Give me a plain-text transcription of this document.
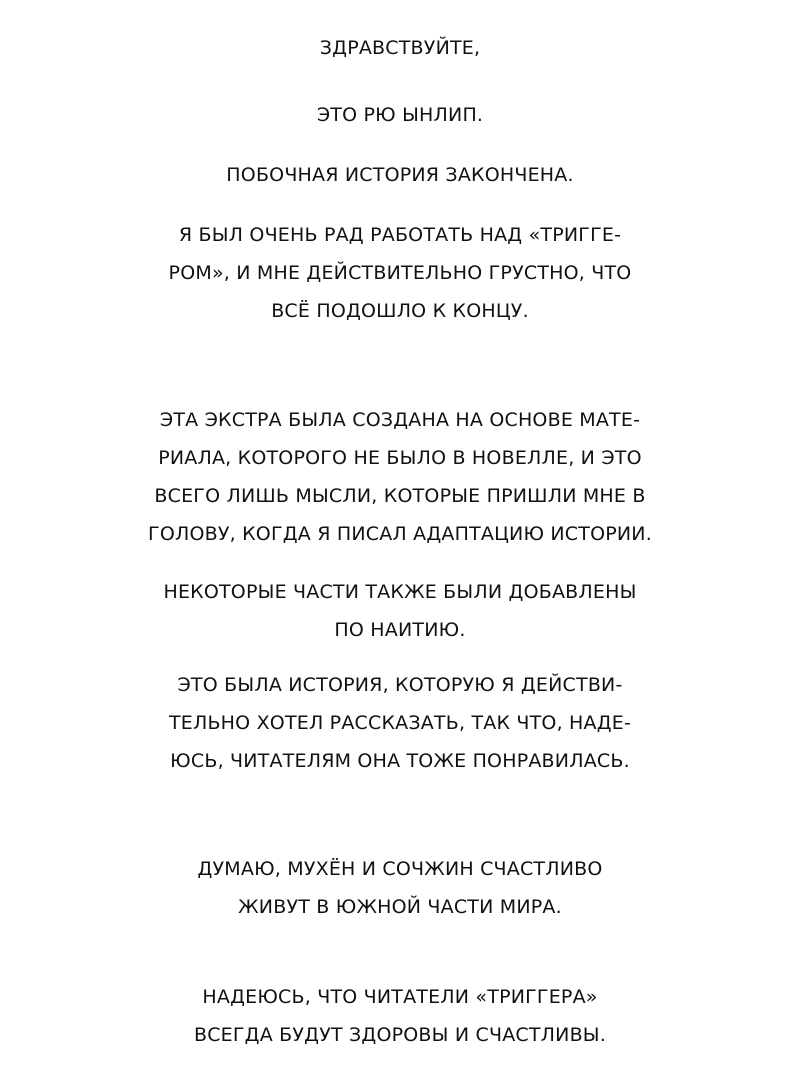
ЗДРАВСТВУЙТЕ,
ЭТО РЮ ЫНЛИП.
ПОБОЧНАЯ ИСТОРИЯ ЗАКОНЧЕНА.
Я БЫЛ ОЧЕНЬ РАД РАБОТАТЬ НАД «ТРИГГЕ-
РОМ», И МНЕ ДЕЙСТВИТЕЛЬНО ГРУСТНО, ЧТО
ВСЁ ПОДОШЛО К КОНЦУ.
ЭТА ЭКСТРА БЫЛА СОЗДАНА НА ОСНОВЕ МАТЕ-
РИАЛА, КОТОРОГО НЕ БЫЛО В НОВЕЛЛЕ, И ЭТО
ВСЕГО ЛИШЬ МЫСЛИ, КОТОРЫЕ ПРИШЛИ МНЕ В
ГОЛОВУ, КОГДА Я ПИСАЛ АДАПТАЦИЮ ИСТОРИИ.
НЕКОТОРЫЕ ЧАСТИ ТАКЖЕ БЫЛИ ДОБАВЛЕНЫ
ПО НАИТИЮ.
ЭТО БЫЛА ИСТОРИЯ, КОТОРУЮ Я ДЕЙСТВИ-
ТЕЛЬНО ХОТЕЛ РАССКАЗАТЬ, ТАК ЧТО, НАДЕ-
ЮСЬ, ЧИТАТЕЛЯМ ОНА ТОЖЕ ПОНРАВИЛАСЬ.
ДУМАЮ, МУХЁН И СОЧЖИН СЧАСТЛИВО
ЖИВУТ В ЮЖНОЙ ЧАСТИ МИРА.
НАДЕЮСЬ, ЧТО ЧИТАТЕЛИ «ТРИГГЕРА»
ВСЕГДА БУДУТ ЗДОРОВЫ И СЧАСТЛИВЫ.
